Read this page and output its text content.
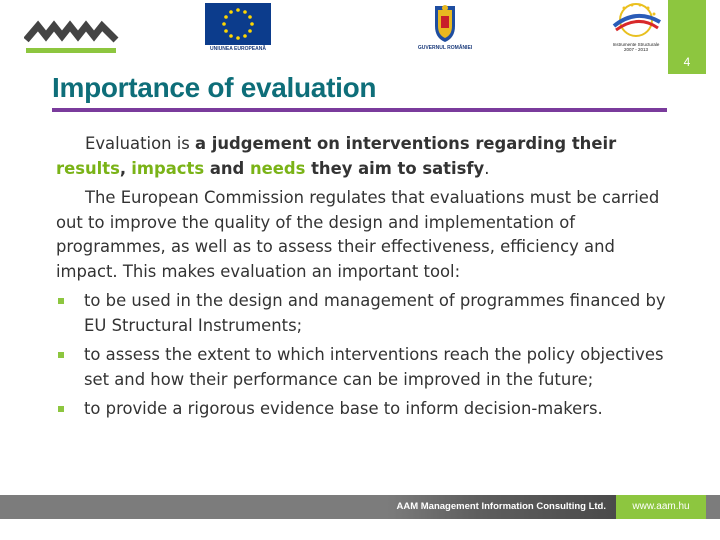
UNIUNEA EUROPEANĂ	GUVERNUL ROMÂNIEI
Instrumente Structurale
2007 - 2013
4
Importance of evaluation

Evaluation is a judgement on interventions regarding their results, impacts and needs they aim to satisfy.

The European Commission regulates that evaluations must be carried out to improve the quality of the design and implementation of programmes, as well as to assess their effectiveness, efficiency and impact. This makes evaluation an important tool:

to be used in the design and management of programmes financed by EU Structural Instruments;
to assess the extent to which interventions reach the policy objectives set and how their performance can be improved in the future;
to provide a rigorous evidence base to inform decision-makers.
AAM Management Information Consulting Ltd.	www.aam.hu
